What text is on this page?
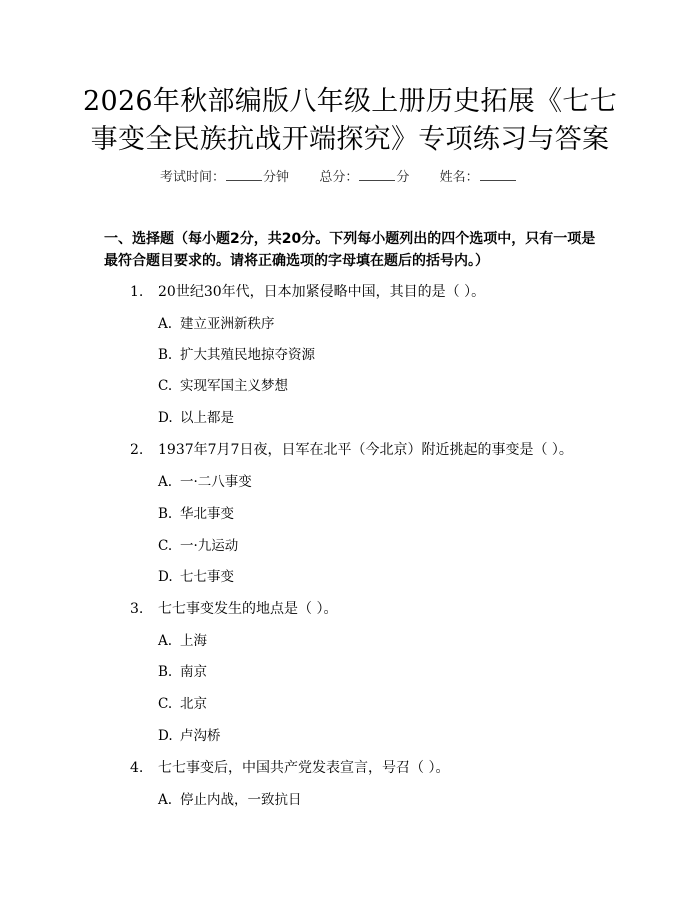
2026年秋部编版八年级上册历史拓展《七七
事变全民族抗战开端探究》专项练习与答案
考试时间：	分钟 总分：	分 姓名：
一、选择题（每小题2分，共20分。下列每小题列出的四个选项中，只有一项是
最符合题目要求的。请将正确选项的字母填在题后的括号内。）
1. 20世纪30年代，日本加紧侵略中国，其目的是（ ）。
A. 建立亚洲新秩序
B. 扩大其殖民地掠夺资源
C. 实现军国主义梦想
D. 以上都是
2. 1937年7月7日夜，日军在北平（今北京）附近挑起的事变是（ ）。
A. 一·二八事变
B. 华北事变
C. 一·九运动
D. 七七事变
3. 七七事变发生的地点是（ ）。
A. 上海
B. 南京
C. 北京
D. 卢沟桥
4. 七七事变后，中国共产党发表宣言，号召（ ）。
A. 停止内战，一致抗日
